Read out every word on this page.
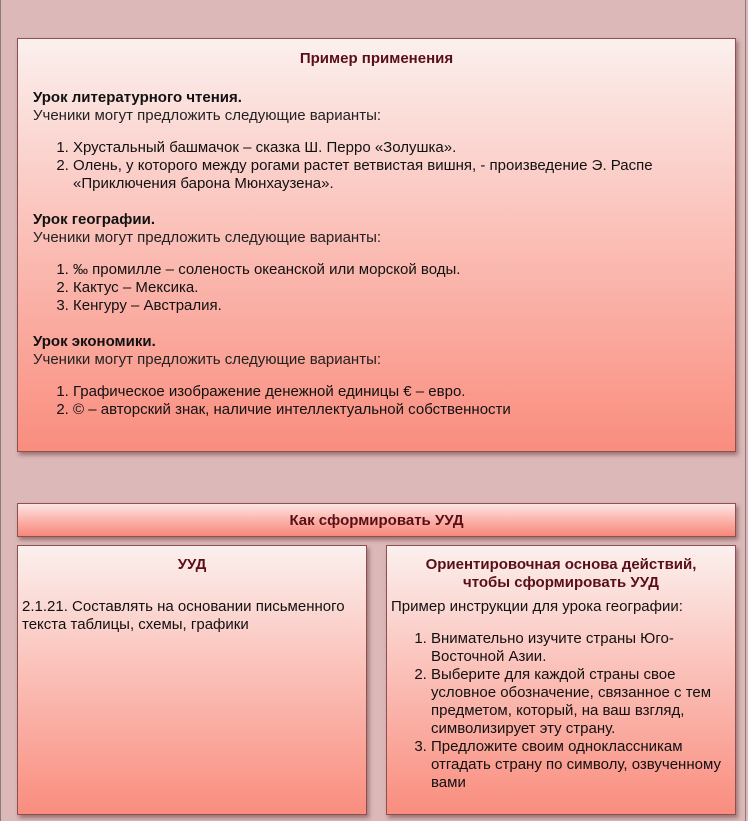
Пример применения

Урок литературного чтения.

Ученики могут предложить следующие варианты:

1. Хрустальный башмачок – сказка Ш. Перро «Золушка».
2. Олень, у которого между рогами растет ветвистая вишня, - произведение Э. Распе «Приключения барона Мюнхаузена».

Урок географии.

Ученики могут предложить следующие варианты:

1. ‰ промилле – соленость океанской или морской воды.
2. Кактус – Мексика.
3. Кенгуру – Австралия.

Урок экономики.

Ученики могут предложить следующие варианты:

1. Графическое изображение денежной единицы € – евро.
2. © – авторский знак, наличие интеллектуальной собственности
Как сформировать УУД
УУД

2.1.21. Составлять на основании письменного текста таблицы, схемы, графики

Ориентировочная основа действий,
чтобы сформировать УУД

Пример инструкции для урока географии:

1. Внимательно изучите страны Юго-Восточной Азии.
2. Выберите для каждой страны свое условное обозначение, связанное с тем предметом, который, на ваш взгляд, символизирует эту страну.
3. Предложите своим одноклассникам отгадать страну по символу, озвученному вами
